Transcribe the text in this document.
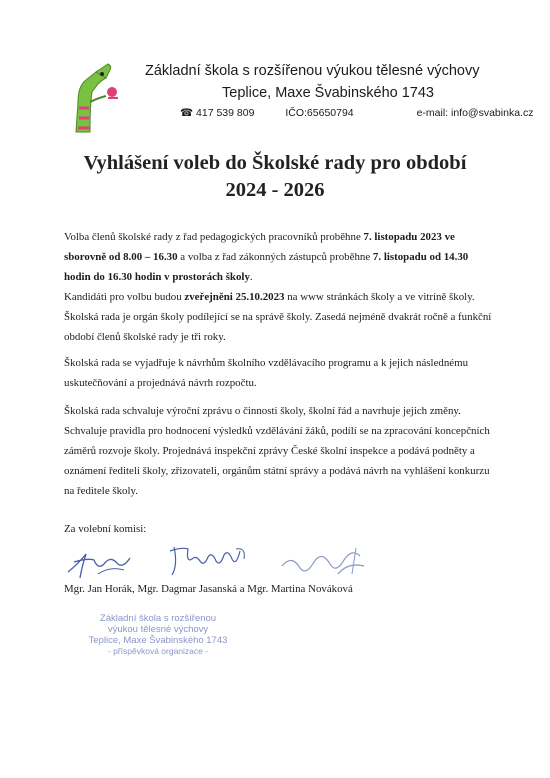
Základní škola s rozšířenou výukou tělesné výchovy
Teplice, Maxe Švabinského 1743
☎ 417 539 809	IČO:65650794	e-mail: info@svabinka.cz
Vyhlášení voleb do Školské rady pro období
2024 - 2026
Volba členů školské rady z řad pedagogických pracovníků proběhne 7. listopadu 2023 ve sborovně od 8.00 – 16.30 a volba z řad zákonných zástupců proběhne 7. listopadu od 14.30 hodin do 16.30 hodin v prostorách školy.
Kandidáti pro volbu budou zveřejněni 25.10.2023 na www stránkách školy a ve vitríně školy.
Školská rada je orgán školy podílející se na správě školy. Zasedá nejméně dvakrát ročně a funkční období členů školské rady je tři roky.
Školská rada se vyjadřuje k návrhům školního vzdělávacího programu a k jejich následnému uskutečňování a projednává návrh rozpočtu.
Školská rada schvaluje výroční zprávu o činnosti školy, školní řád a navrhuje jejich změny. Schvaluje pravidla pro hodnocení výsledků vzdělávání žáků, podílí se na zpracování koncepčních záměrů rozvoje školy. Projednává inspekční zprávy České školní inspekce a podává podněty a oznámení řediteli školy, zřizovateli, orgánům státní správy a podává návrh na vyhlášení konkurzu na ředitele školy.
Za volební komisi:
Mgr. Jan Horák, Mgr. Dagmar Jasanská a Mgr. Martina Nováková
Základní škola s rozšířenou
výukou tělesné výchovy
Teplice, Maxe Švabinského 1743
- příspěvková organizace -
